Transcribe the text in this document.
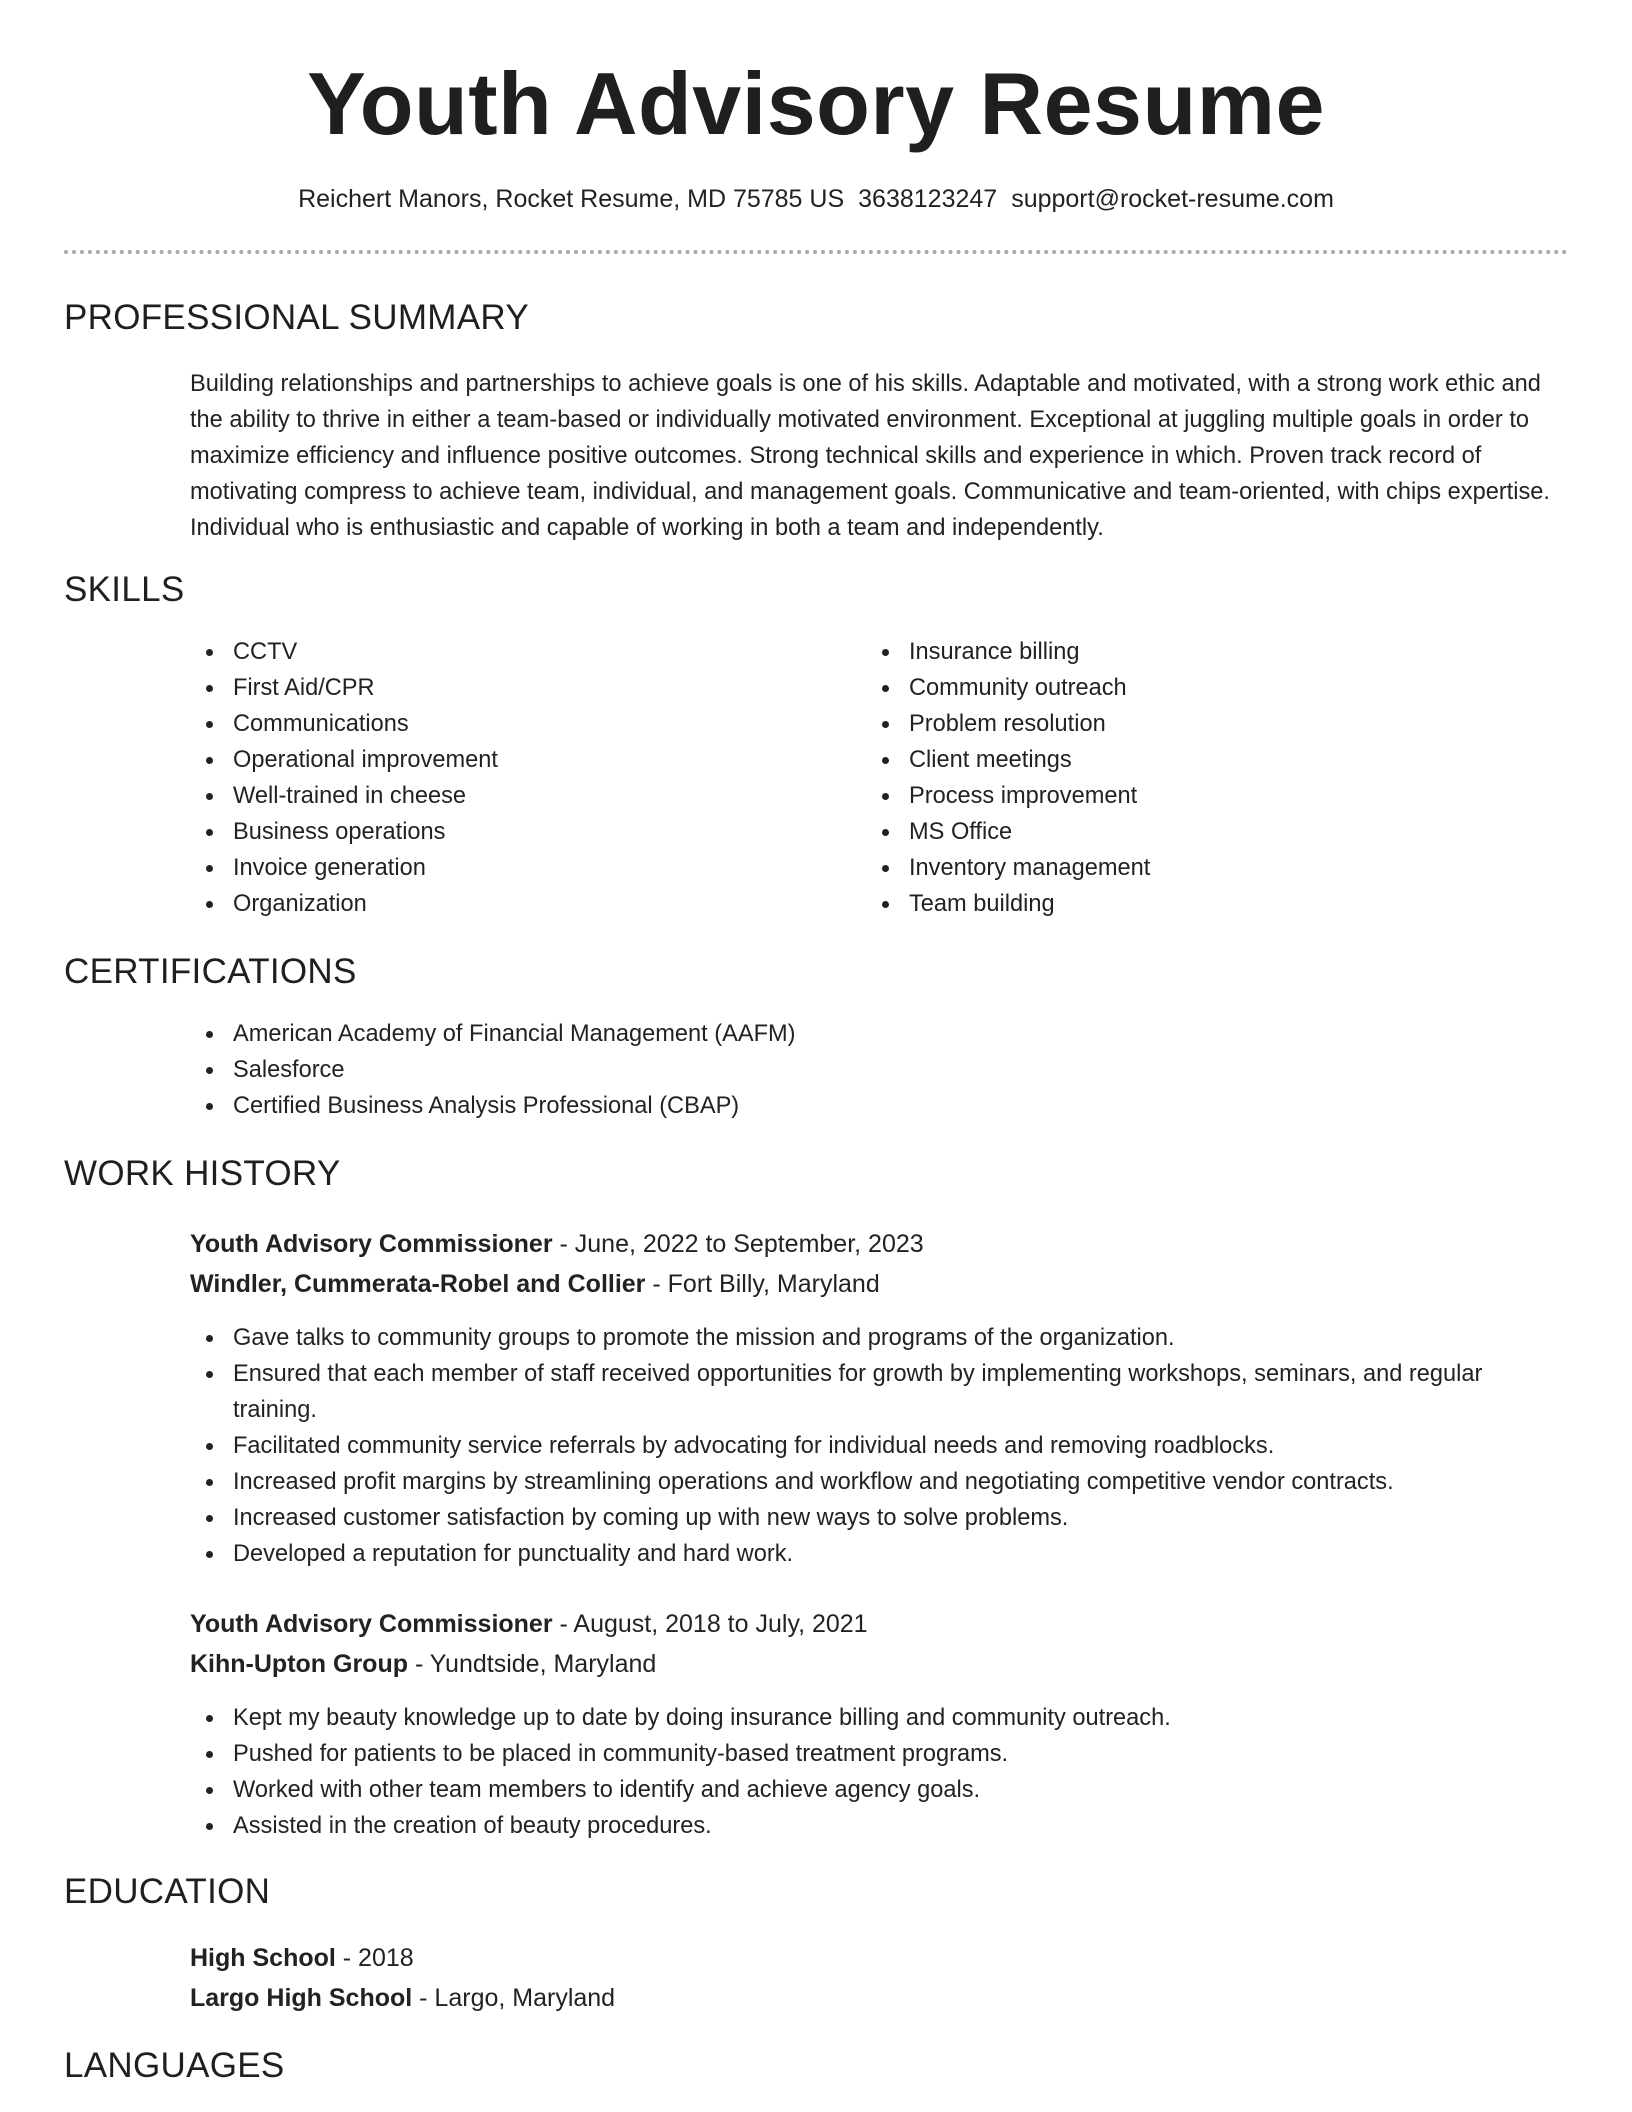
Youth Advisory Resume
Reichert Manors, Rocket Resume, MD 75785 US 3638123247 support@rocket-resume.com
PROFESSIONAL SUMMARY

Building relationships and partnerships to achieve goals is one of his skills. Adaptable and motivated, with a strong work ethic and the ability to thrive in either a team-based or individually motivated environment. Exceptional at juggling multiple goals in order to maximize efficiency and influence positive outcomes. Strong technical skills and experience in which. Proven track record of motivating compress to achieve team, individual, and management goals. Communicative and team-oriented, with chips expertise. Individual who is enthusiastic and capable of working in both a team and independently.

SKILLS
CCTV
First Aid/CPR
Communications
Operational improvement
Well-trained in cheese
Business operations
Invoice generation
Organization
Insurance billing
Community outreach
Problem resolution
Client meetings
Process improvement
MS Office
Inventory management
Team building
CERTIFICATIONS
American Academy of Financial Management (AAFM)
Salesforce
Certified Business Analysis Professional (CBAP)
WORK HISTORY
Youth Advisory Commissioner - June, 2022 to September, 2023
Windler, Cummerata-Robel and Collier - Fort Billy, Maryland
Gave talks to community groups to promote the mission and programs of the organization.
Ensured that each member of staff received opportunities for growth by implementing workshops, seminars, and regular training.
Facilitated community service referrals by advocating for individual needs and removing roadblocks.
Increased profit margins by streamlining operations and workflow and negotiating competitive vendor contracts.
Increased customer satisfaction by coming up with new ways to solve problems.
Developed a reputation for punctuality and hard work.
Youth Advisory Commissioner - August, 2018 to July, 2021
Kihn-Upton Group - Yundtside, Maryland
Kept my beauty knowledge up to date by doing insurance billing and community outreach.
Pushed for patients to be placed in community-based treatment programs.
Worked with other team members to identify and achieve agency goals.
Assisted in the creation of beauty procedures.
EDUCATION
High School - 2018
Largo High School - Largo, Maryland
LANGUAGES
